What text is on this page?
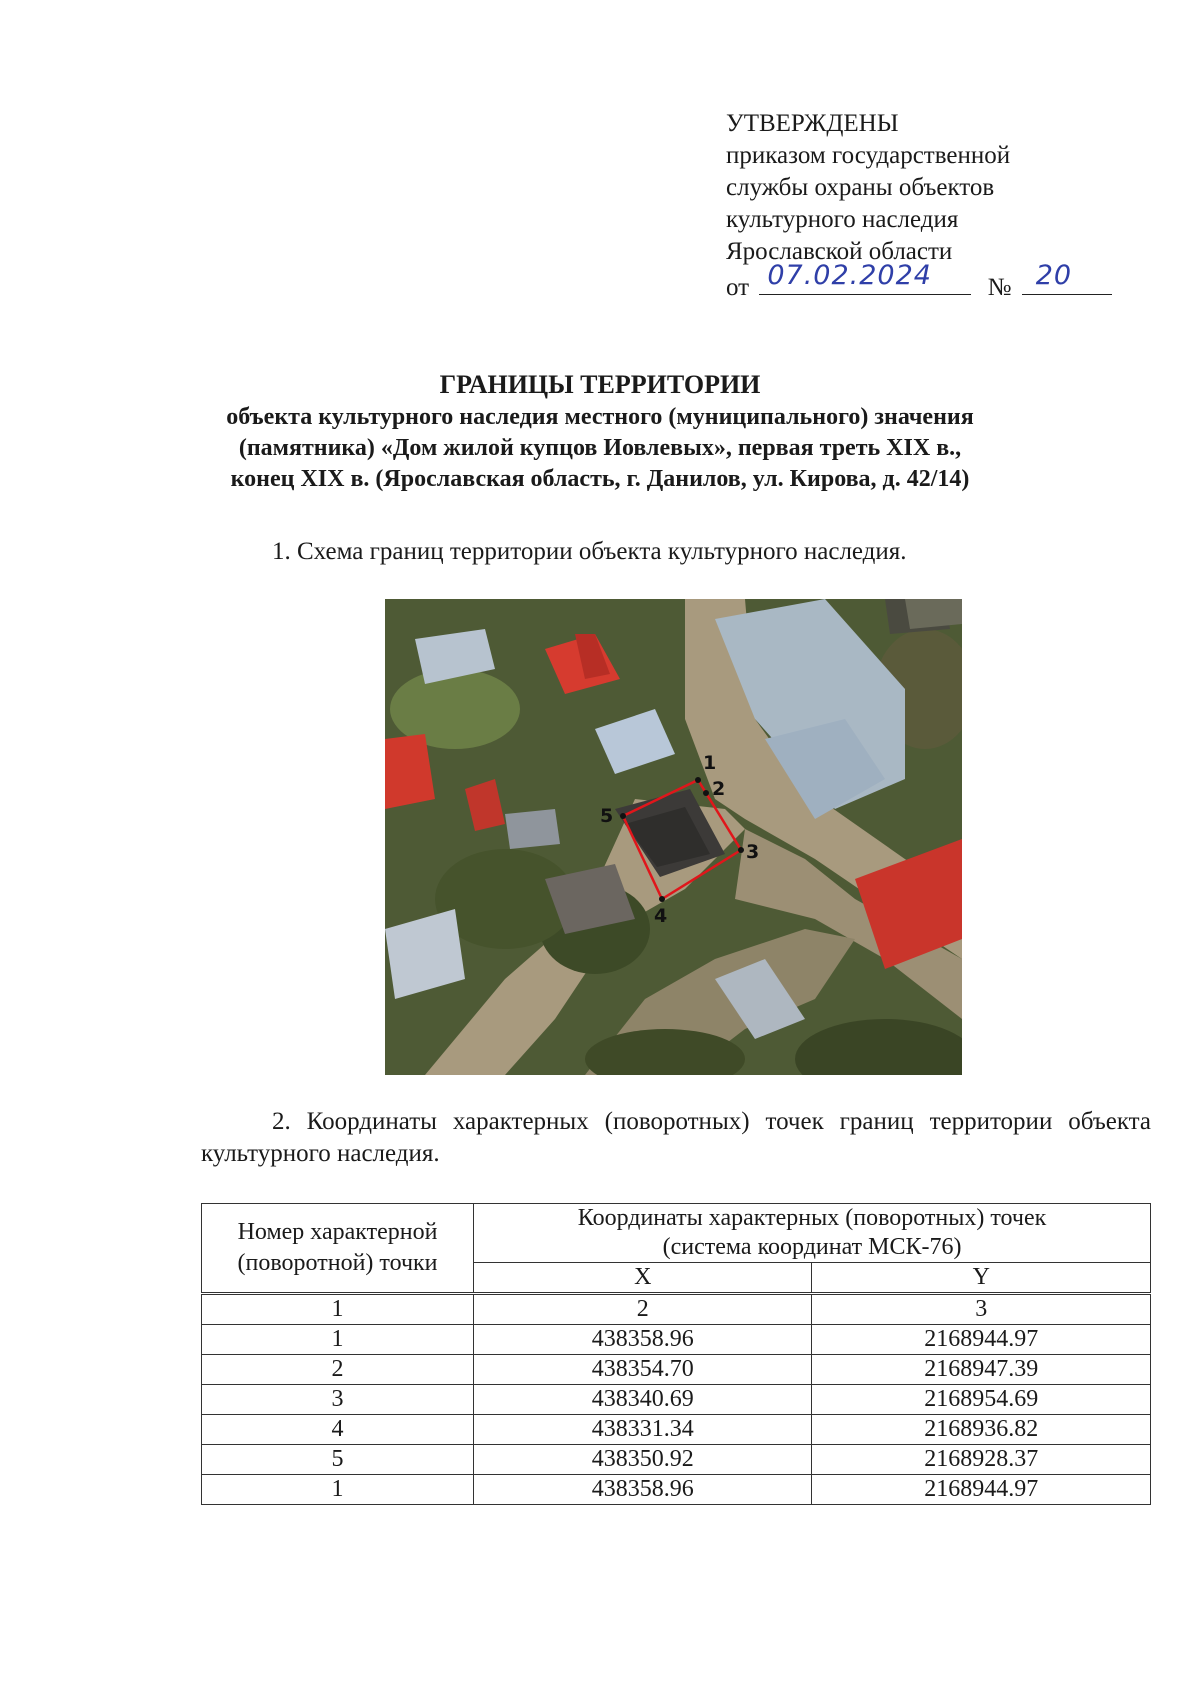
УТВЕРЖДЕНЫ
приказом государственной
службы охраны объектов
культурного наследия
Ярославской области
от 07.02.2024 № 20
ГРАНИЦЫ ТЕРРИТОРИИ
объекта культурного наследия местного (муниципального) значения
(памятника) «Дом жилой купцов Иовлевых», первая треть XIX в.,
конец XIX в. (Ярославская область, г. Данилов, ул. Кирова, д. 42/14)
1. Схема границ территории объекта культурного наследия.
1
2
3
4
5
2. Координаты характерных (поворотных) точек границ территории объекта культурного наследия.
Номер характерной (поворотной) точки	Координаты характерных (поворотных) точек
(система координат МСК-76)	

	X	Y
1	2	3
1	438358.96	2168944.97
2	438354.70	2168947.39
3	438340.69	2168954.69
4	438331.34	2168936.82
5	438350.92	2168928.37
1	438358.96	2168944.97
